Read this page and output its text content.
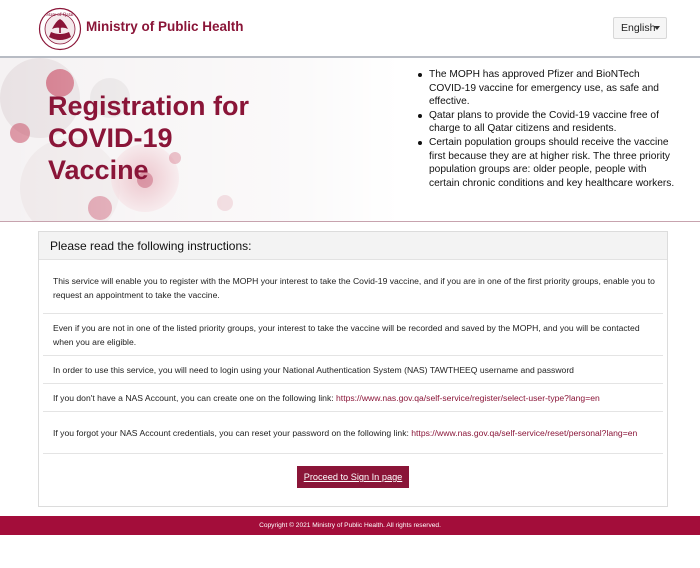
State of Qatar
Ministry of Public Health	English
Registration for
COVID-19
Vaccine
The MOPH has approved Pfizer and BioNTech COVID-19 vaccine for emergency use, as safe and effective.
Qatar plans to provide the Covid-19 vaccine free of charge to all Qatar citizens and residents.
Certain population groups should receive the vaccine first because they are at higher risk. The three priority population groups are: older people, people with certain chronic conditions and key healthcare workers.
Please read the following instructions:
This service will enable you to register with the MOPH your interest to take the Covid-19 vaccine, and if you are in one of the first priority groups, enable you to request an appointment to take the vaccine.
Even if you are not in one of the listed priority groups, your interest to take the vaccine will be recorded and saved by the MOPH, and you will be contacted when you are eligible.
In order to use this service, you will need to login using your National Authentication System (NAS) TAWTHEEQ username and password
If you don't have a NAS Account, you can create one on the following link: https://www.nas.gov.qa/self-service/register/select-user-type?lang=en
If you forgot your NAS Account credentials, you can reset your password on the following link: https://www.nas.gov.qa/self-service/reset/personal?lang=en
Proceed to Sign In page
Copyright © 2021 Ministry of Public Health. All rights reserved.
